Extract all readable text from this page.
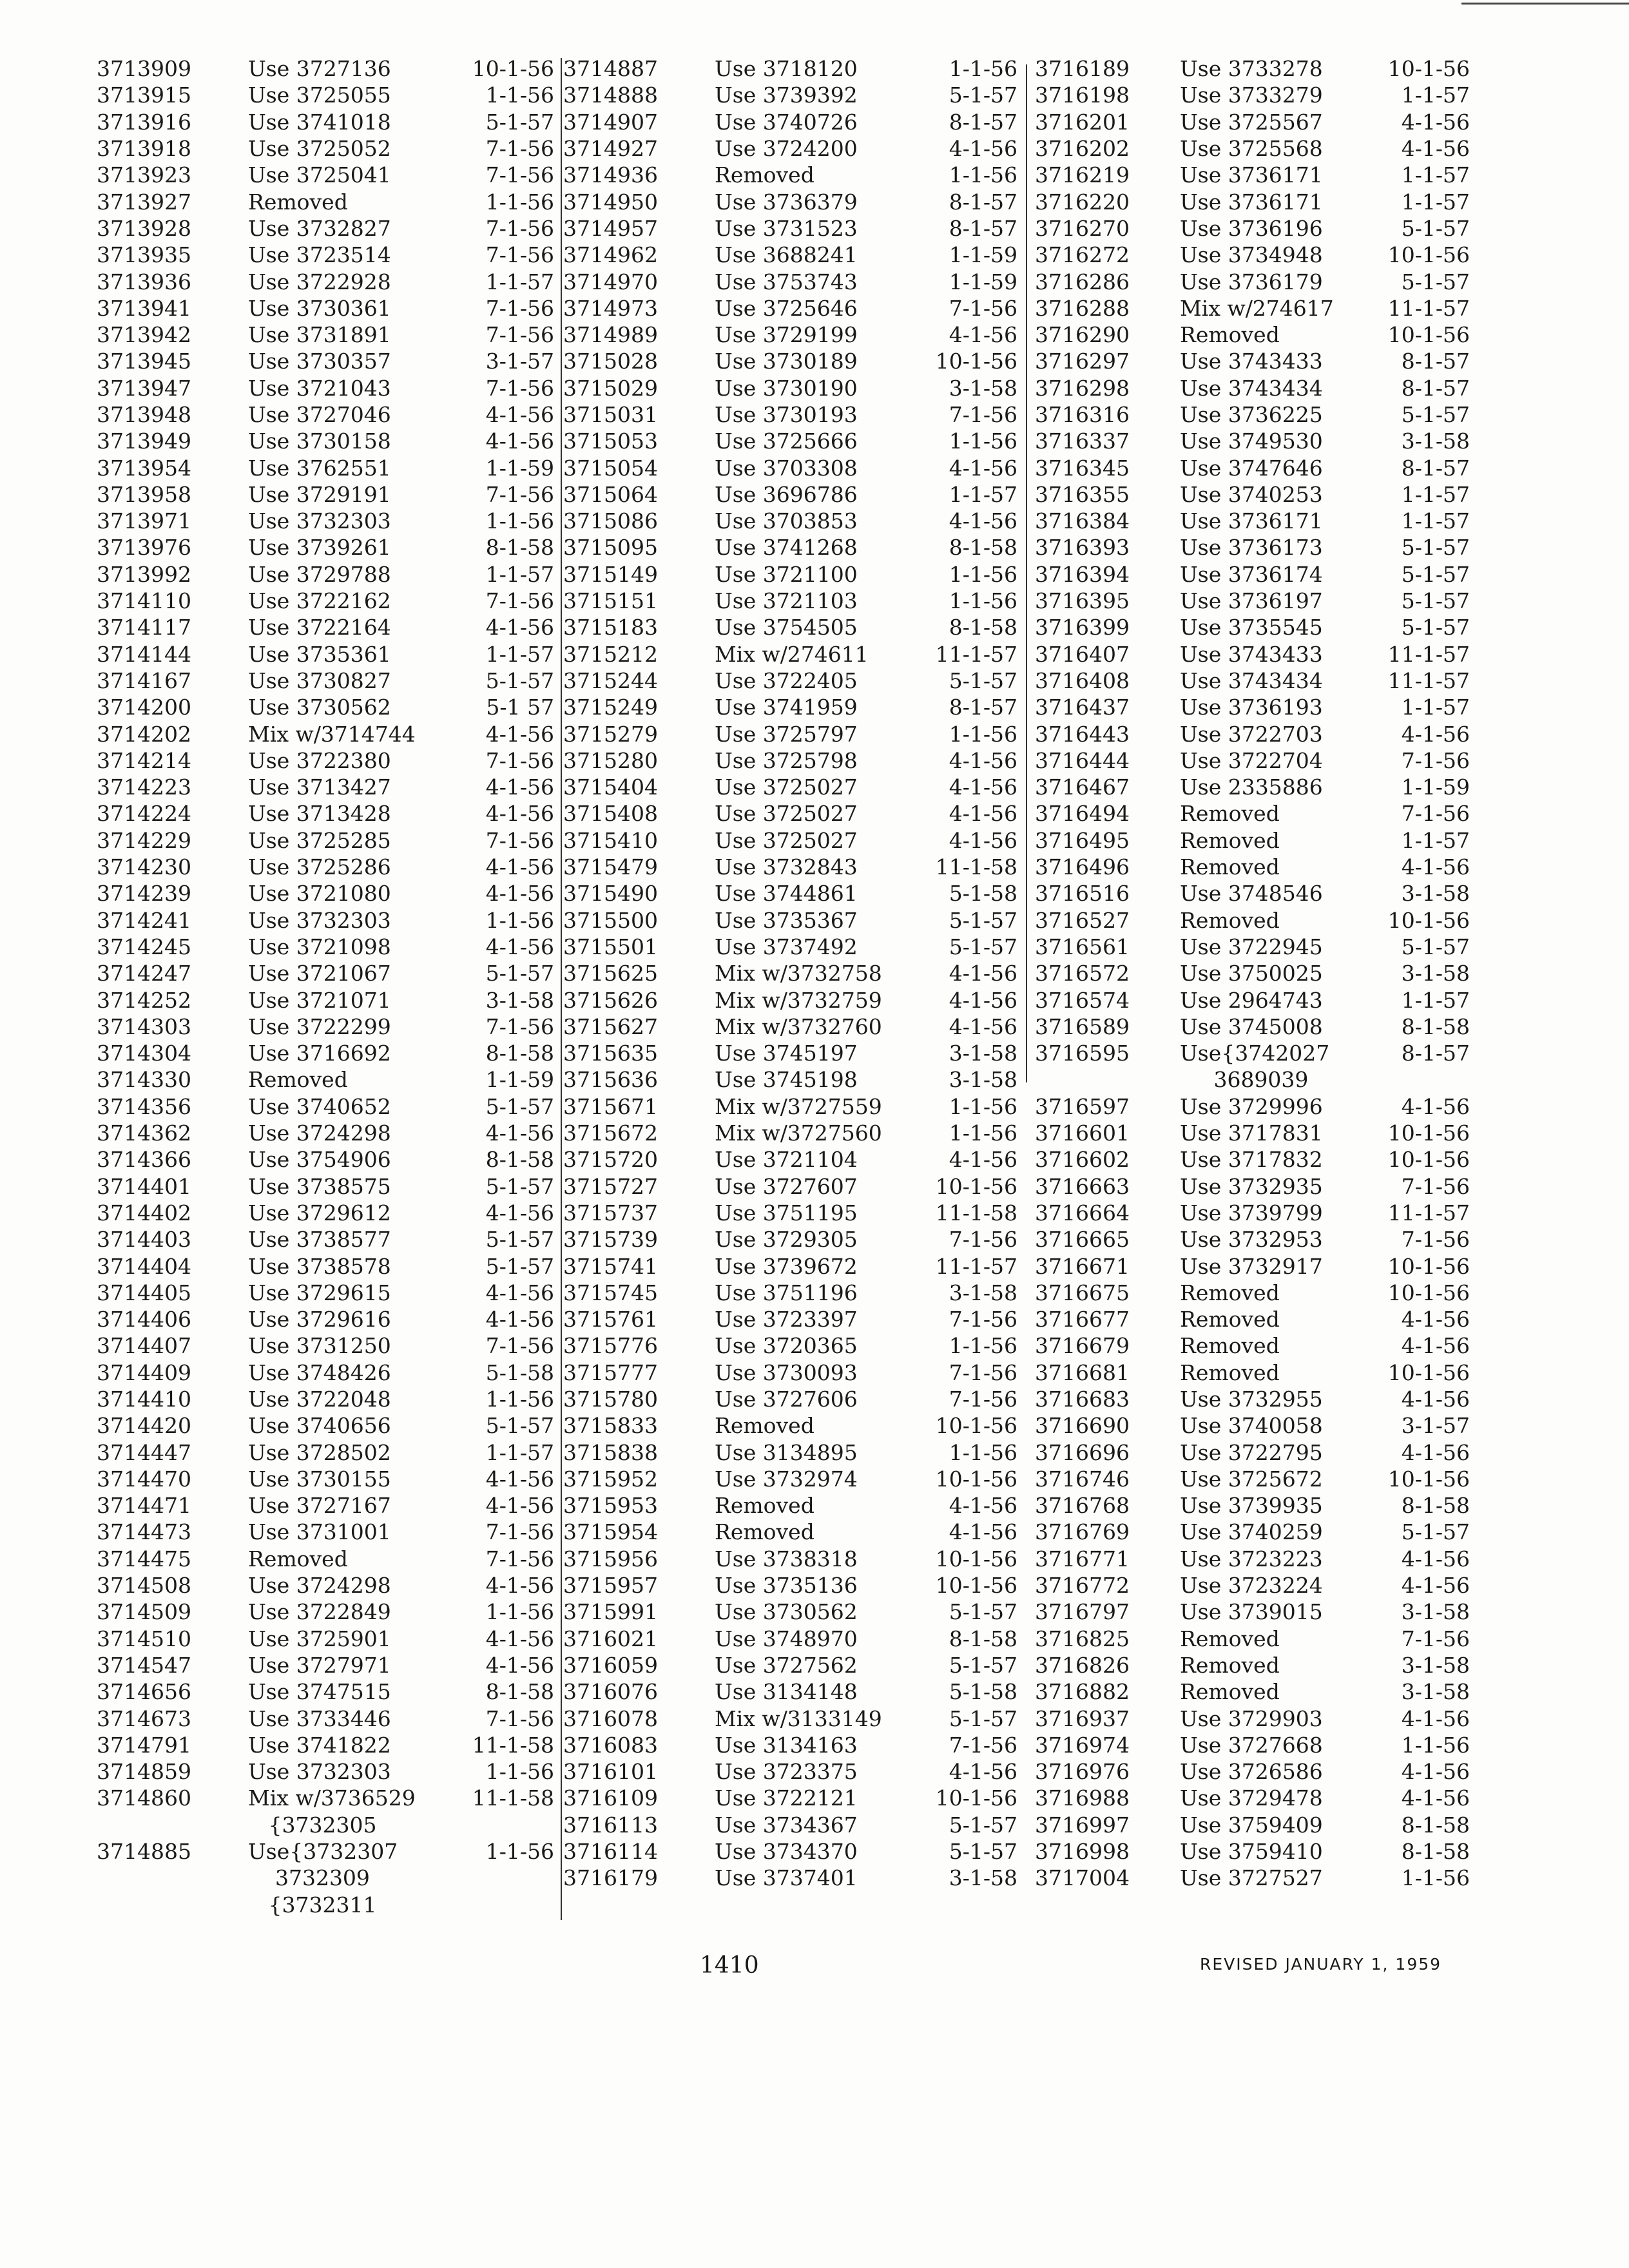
3713909	Use 3727136	10-1-56
3713915	Use 3725055	1-1-56
3713916	Use 3741018	5-1-57
3713918	Use 3725052	7-1-56
3713923	Use 3725041	7-1-56
3713927	Removed	1-1-56
3713928	Use 3732827	7-1-56
3713935	Use 3723514	7-1-56
3713936	Use 3722928	1-1-57
3713941	Use 3730361	7-1-56
3713942	Use 3731891	7-1-56
3713945	Use 3730357	3-1-57
3713947	Use 3721043	7-1-56
3713948	Use 3727046	4-1-56
3713949	Use 3730158	4-1-56
3713954	Use 3762551	1-1-59
3713958	Use 3729191	7-1-56
3713971	Use 3732303	1-1-56
3713976	Use 3739261	8-1-58
3713992	Use 3729788	1-1-57
3714110	Use 3722162	7-1-56
3714117	Use 3722164	4-1-56
3714144	Use 3735361	1-1-57
3714167	Use 3730827	5-1-57
3714200	Use 3730562	5-1 57
3714202	Mix w/3714744	4-1-56
3714214	Use 3722380	7-1-56
3714223	Use 3713427	4-1-56
3714224	Use 3713428	4-1-56
3714229	Use 3725285	7-1-56
3714230	Use 3725286	4-1-56
3714239	Use 3721080	4-1-56
3714241	Use 3732303	1-1-56
3714245	Use 3721098	4-1-56
3714247	Use 3721067	5-1-57
3714252	Use 3721071	3-1-58
3714303	Use 3722299	7-1-56
3714304	Use 3716692	8-1-58
3714330	Removed	1-1-59
3714356	Use 3740652	5-1-57
3714362	Use 3724298	4-1-56
3714366	Use 3754906	8-1-58
3714401	Use 3738575	5-1-57
3714402	Use 3729612	4-1-56
3714403	Use 3738577	5-1-57
3714404	Use 3738578	5-1-57
3714405	Use 3729615	4-1-56
3714406	Use 3729616	4-1-56
3714407	Use 3731250	7-1-56
3714409	Use 3748426	5-1-58
3714410	Use 3722048	1-1-56
3714420	Use 3740656	5-1-57
3714447	Use 3728502	1-1-57
3714470	Use 3730155	4-1-56
3714471	Use 3727167	4-1-56
3714473	Use 3731001	7-1-56
3714475	Removed	7-1-56
3714508	Use 3724298	4-1-56
3714509	Use 3722849	1-1-56
3714510	Use 3725901	4-1-56
3714547	Use 3727971	4-1-56
3714656	Use 3747515	8-1-58
3714673	Use 3733446	7-1-56
3714791	Use 3741822	11-1-58
3714859	Use 3732303	1-1-56
3714860	Mix w/3736529	11-1-58
{3732305
3714885	Use{3732307	1-1-56
3732309
{3732311
3714887	Use 3718120	1-1-56
3714888	Use 3739392	5-1-57
3714907	Use 3740726	8-1-57
3714927	Use 3724200	4-1-56
3714936	Removed	1-1-56
3714950	Use 3736379	8-1-57
3714957	Use 3731523	8-1-57
3714962	Use 3688241	1-1-59
3714970	Use 3753743	1-1-59
3714973	Use 3725646	7-1-56
3714989	Use 3729199	4-1-56
3715028	Use 3730189	10-1-56
3715029	Use 3730190	3-1-58
3715031	Use 3730193	7-1-56
3715053	Use 3725666	1-1-56
3715054	Use 3703308	4-1-56
3715064	Use 3696786	1-1-57
3715086	Use 3703853	4-1-56
3715095	Use 3741268	8-1-58
3715149	Use 3721100	1-1-56
3715151	Use 3721103	1-1-56
3715183	Use 3754505	8-1-58
3715212	Mix w/274611	11-1-57
3715244	Use 3722405	5-1-57
3715249	Use 3741959	8-1-57
3715279	Use 3725797	1-1-56
3715280	Use 3725798	4-1-56
3715404	Use 3725027	4-1-56
3715408	Use 3725027	4-1-56
3715410	Use 3725027	4-1-56
3715479	Use 3732843	11-1-58
3715490	Use 3744861	5-1-58
3715500	Use 3735367	5-1-57
3715501	Use 3737492	5-1-57
3715625	Mix w/3732758	4-1-56
3715626	Mix w/3732759	4-1-56
3715627	Mix w/3732760	4-1-56
3715635	Use 3745197	3-1-58
3715636	Use 3745198	3-1-58
3715671	Mix w/3727559	1-1-56
3715672	Mix w/3727560	1-1-56
3715720	Use 3721104	4-1-56
3715727	Use 3727607	10-1-56
3715737	Use 3751195	11-1-58
3715739	Use 3729305	7-1-56
3715741	Use 3739672	11-1-57
3715745	Use 3751196	3-1-58
3715761	Use 3723397	7-1-56
3715776	Use 3720365	1-1-56
3715777	Use 3730093	7-1-56
3715780	Use 3727606	7-1-56
3715833	Removed	10-1-56
3715838	Use 3134895	1-1-56
3715952	Use 3732974	10-1-56
3715953	Removed	4-1-56
3715954	Removed	4-1-56
3715956	Use 3738318	10-1-56
3715957	Use 3735136	10-1-56
3715991	Use 3730562	5-1-57
3716021	Use 3748970	8-1-58
3716059	Use 3727562	5-1-57
3716076	Use 3134148	5-1-58
3716078	Mix w/3133149	5-1-57
3716083	Use 3134163	7-1-56
3716101	Use 3723375	4-1-56
3716109	Use 3722121	10-1-56
3716113	Use 3734367	5-1-57
3716114	Use 3734370	5-1-57
3716179	Use 3737401	3-1-58
3716189	Use 3733278	10-1-56
3716198	Use 3733279	1-1-57
3716201	Use 3725567	4-1-56
3716202	Use 3725568	4-1-56
3716219	Use 3736171	1-1-57
3716220	Use 3736171	1-1-57
3716270	Use 3736196	5-1-57
3716272	Use 3734948	10-1-56
3716286	Use 3736179	5-1-57
3716288	Mix w/274617	11-1-57
3716290	Removed	10-1-56
3716297	Use 3743433	8-1-57
3716298	Use 3743434	8-1-57
3716316	Use 3736225	5-1-57
3716337	Use 3749530	3-1-58
3716345	Use 3747646	8-1-57
3716355	Use 3740253	1-1-57
3716384	Use 3736171	1-1-57
3716393	Use 3736173	5-1-57
3716394	Use 3736174	5-1-57
3716395	Use 3736197	5-1-57
3716399	Use 3735545	5-1-57
3716407	Use 3743433	11-1-57
3716408	Use 3743434	11-1-57
3716437	Use 3736193	1-1-57
3716443	Use 3722703	4-1-56
3716444	Use 3722704	7-1-56
3716467	Use 2335886	1-1-59
3716494	Removed	7-1-56
3716495	Removed	1-1-57
3716496	Removed	4-1-56
3716516	Use 3748546	3-1-58
3716527	Removed	10-1-56
3716561	Use 3722945	5-1-57
3716572	Use 3750025	3-1-58
3716574	Use 2964743	1-1-57
3716589	Use 3745008	8-1-58
3716595	Use{3742027	8-1-57
3689039
3716597	Use 3729996	4-1-56
3716601	Use 3717831	10-1-56
3716602	Use 3717832	10-1-56
3716663	Use 3732935	7-1-56
3716664	Use 3739799	11-1-57
3716665	Use 3732953	7-1-56
3716671	Use 3732917	10-1-56
3716675	Removed	10-1-56
3716677	Removed	4-1-56
3716679	Removed	4-1-56
3716681	Removed	10-1-56
3716683	Use 3732955	4-1-56
3716690	Use 3740058	3-1-57
3716696	Use 3722795	4-1-56
3716746	Use 3725672	10-1-56
3716768	Use 3739935	8-1-58
3716769	Use 3740259	5-1-57
3716771	Use 3723223	4-1-56
3716772	Use 3723224	4-1-56
3716797	Use 3739015	3-1-58
3716825	Removed	7-1-56
3716826	Removed	3-1-58
3716882	Removed	3-1-58
3716937	Use 3729903	4-1-56
3716974	Use 3727668	1-1-56
3716976	Use 3726586	4-1-56
3716988	Use 3729478	4-1-56
3716997	Use 3759409	8-1-58
3716998	Use 3759410	8-1-58
3717004	Use 3727527	1-1-56
1410	REVISED JANUARY 1, 1959
